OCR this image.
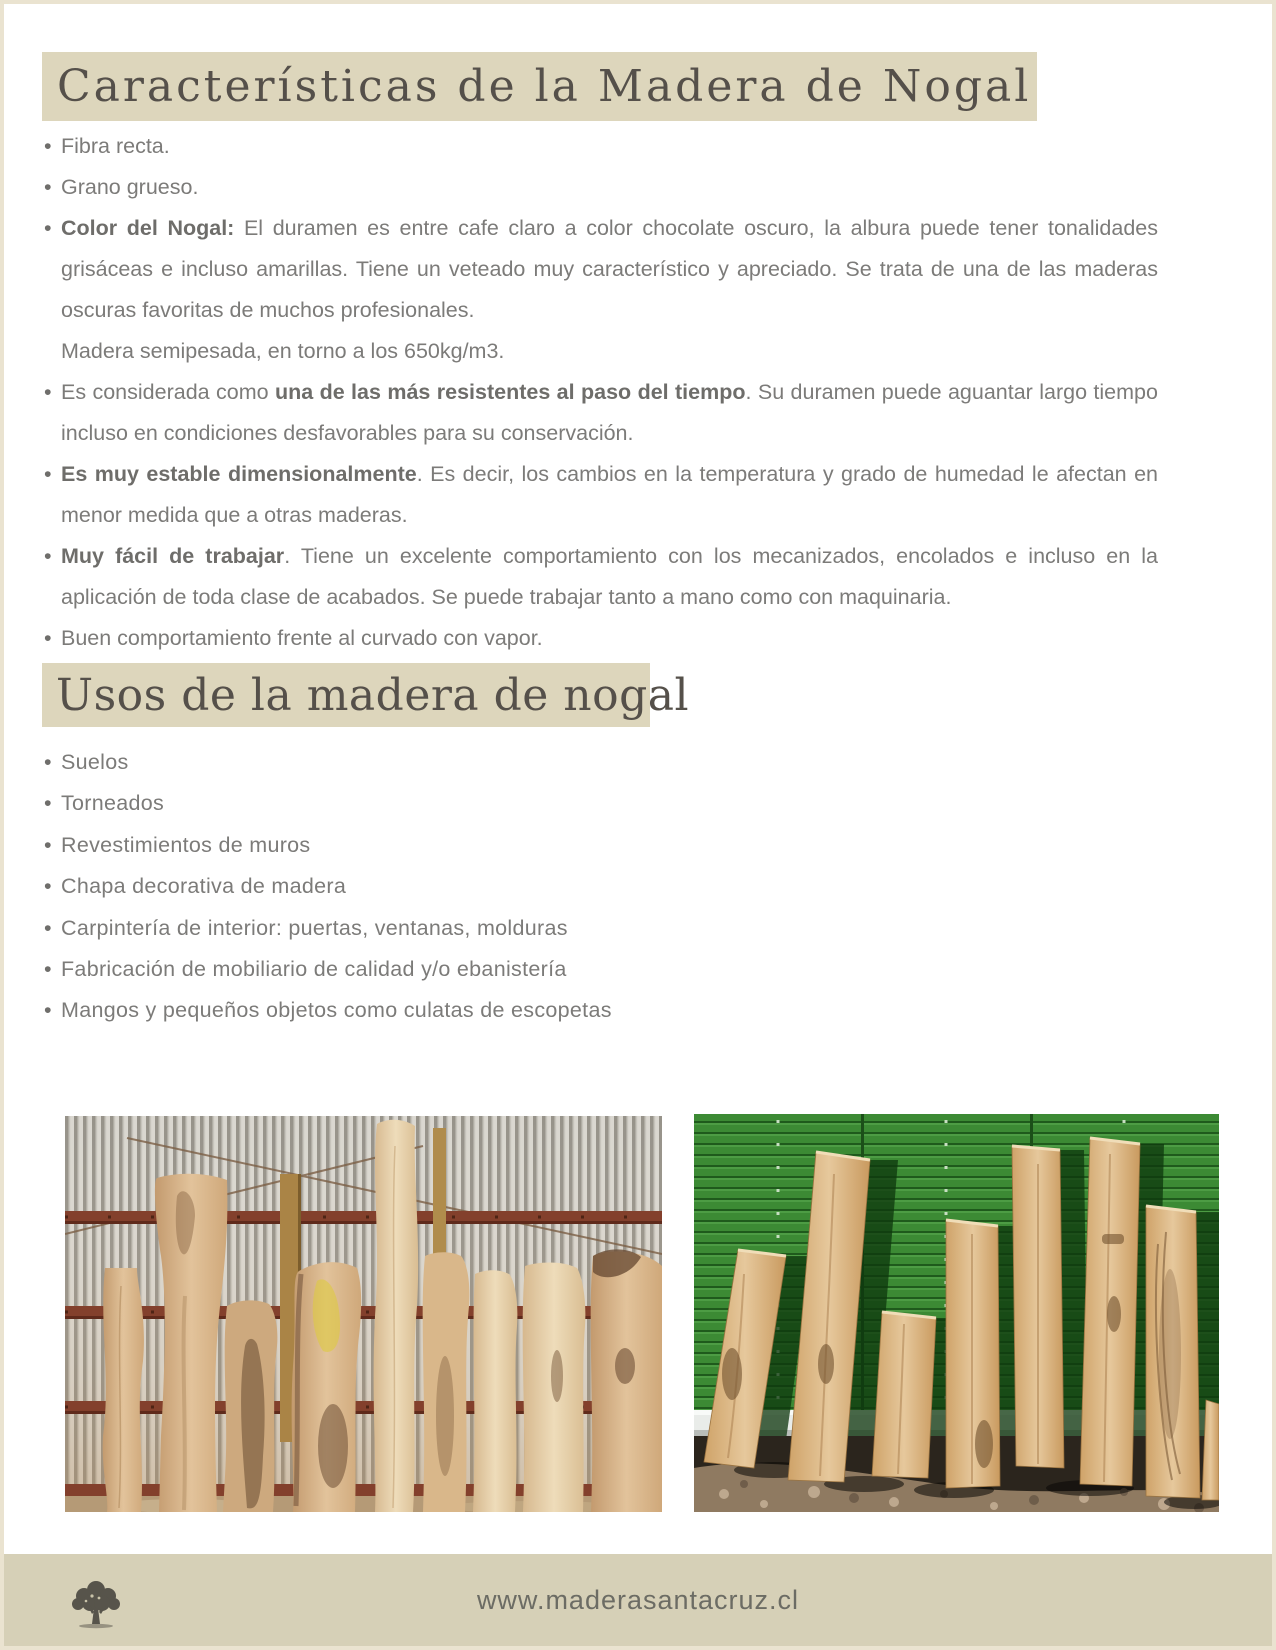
Características de la Madera de Nogal
• Fibra recta.
• Grano grueso.
• Color del Nogal: El duramen es entre cafe claro a color chocolate oscuro, la albura puede tener tonalidades grisáceas e incluso amarillas. Tiene un veteado muy característico y apreciado. Se trata de una de las maderas oscuras favoritas de muchos profesionales.
Madera semipesada, en torno a los 650kg/m3.
• Es considerada como una de las más resistentes al paso del tiempo. Su duramen puede aguantar largo tiempo incluso en condiciones desfavorables para su conservación.
• Es muy estable dimensionalmente. Es decir, los cambios en la temperatura y grado de humedad le afectan en menor medida que a otras maderas.
• Muy fácil de trabajar. Tiene un excelente comportamiento con los mecanizados, encolados e incluso en la aplicación de toda clase de acabados. Se puede trabajar tanto a mano como con maquinaria.
• Buen comportamiento frente al curvado con vapor.
Usos de la madera de nogal
• Suelos
• Torneados
• Revestimientos de muros
• Chapa decorativa de madera
• Carpintería de interior: puertas, ventanas, molduras
• Fabricación de mobiliario de calidad y/o ebanistería
• Mangos y pequeños objetos como culatas de escopetas
www.maderasantacruz.cl
